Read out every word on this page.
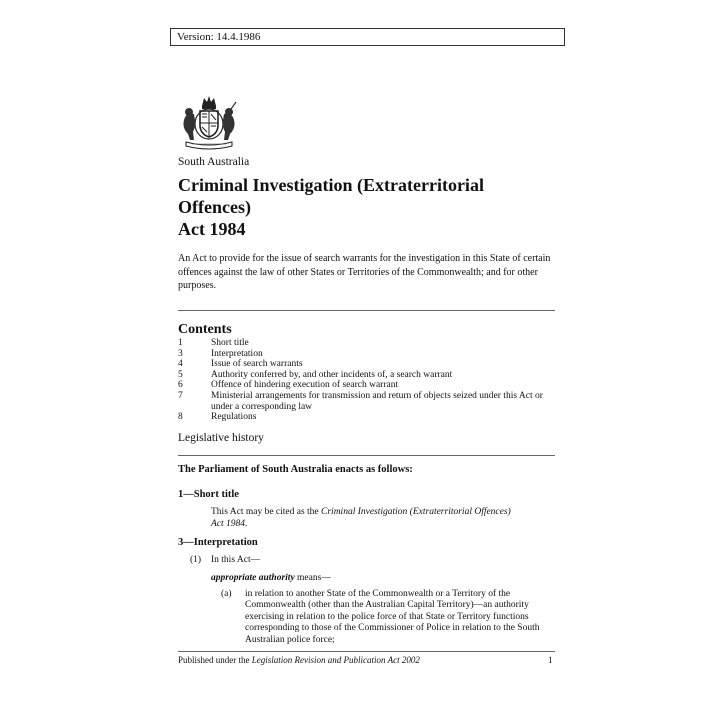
Version: 14.4.1986
South Australia
Criminal Investigation (Extraterritorial Offences)
Act 1984

An Act to provide for the issue of search warrants for the investigation in this State of certain offences against the law of other States or Territories of the Commonwealth; and for other purposes.

Contents
1	Short title
3	Interpretation
4	Issue of search warrants
5	Authority conferred by, and other incidents of, a search warrant
6	Offence of hindering execution of search warrant
7	Ministerial arrangements for transmission and return of objects seized under this Act or under a corresponding law
8	Regulations
Legislative history
The Parliament of South Australia enacts as follows:
1—Short title
This Act may be cited as the Criminal Investigation (Extraterritorial Offences)
Act 1984.
3—Interpretation
(1) In this Act—
appropriate authority means—
(a) in relation to another State of the Commonwealth or a Territory of the
Commonwealth (other than the Australian Capital Territory)—an authority
exercising in relation to the police force of that State or Territory functions
corresponding to those of the Commissioner of Police in relation to the South
Australian police force;
Published under the Legislation Revision and Publication Act 2002	1
